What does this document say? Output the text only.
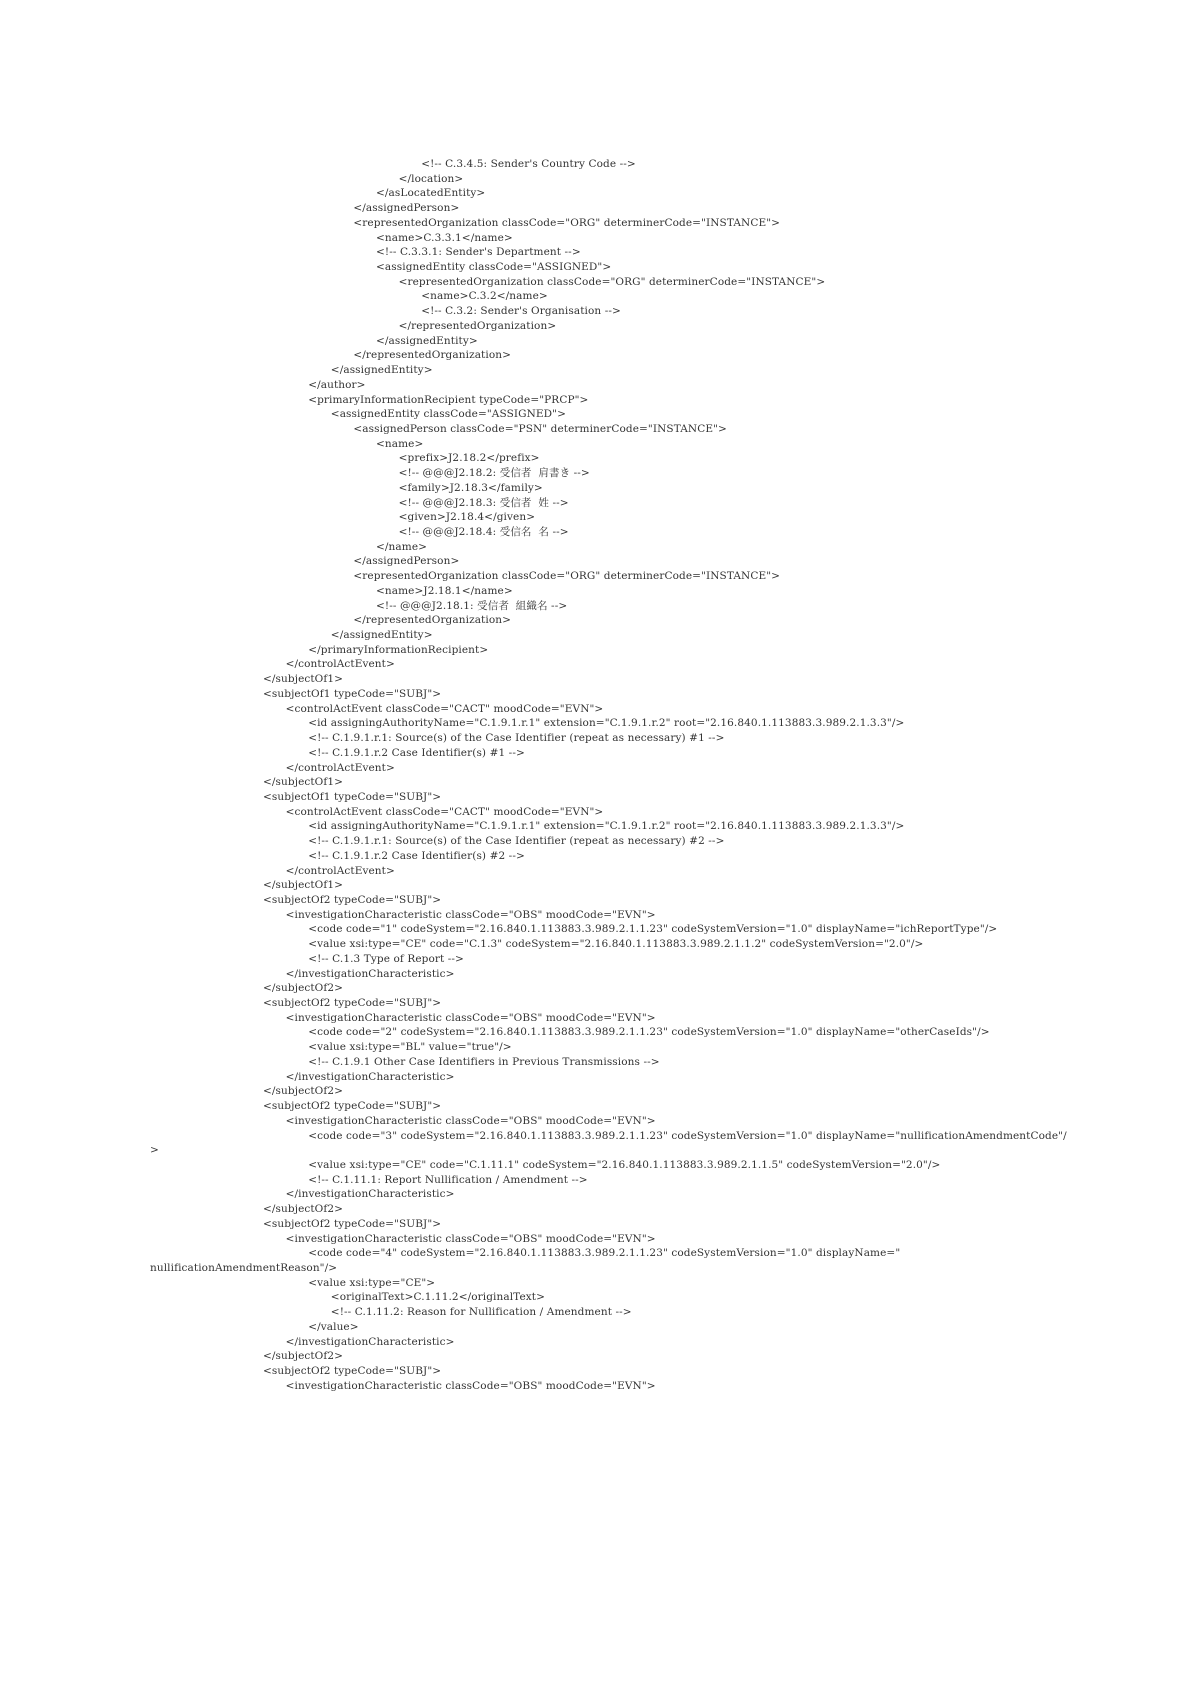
<!-- C.3.4.5: Sender's Country Code -->
</location>
</asLocatedEntity>
</assignedPerson>
<representedOrganization classCode="ORG" determinerCode="INSTANCE">
<name>C.3.3.1</name>
<!-- C.3.3.1: Sender's Department -->
<assignedEntity classCode="ASSIGNED">
<representedOrganization classCode="ORG" determinerCode="INSTANCE">
<name>C.3.2</name>
<!-- C.3.2: Sender's Organisation -->
</representedOrganization>
</assignedEntity>
</representedOrganization>
</assignedEntity>
</author>
<primaryInformationRecipient typeCode="PRCP">
<assignedEntity classCode="ASSIGNED">
<assignedPerson classCode="PSN" determinerCode="INSTANCE">
<name>
<prefix>J2.18.2</prefix>
<!-- @@@J2.18.2: 受信者  肩書き -->
<family>J2.18.3</family>
<!-- @@@J2.18.3: 受信者  姓 -->
<given>J2.18.4</given>
<!-- @@@J2.18.4: 受信名  名 -->
</name>
</assignedPerson>
<representedOrganization classCode="ORG" determinerCode="INSTANCE">
<name>J2.18.1</name>
<!-- @@@J2.18.1: 受信者  組織名 -->
</representedOrganization>
</assignedEntity>
</primaryInformationRecipient>
</controlActEvent>
</subjectOf1>
<subjectOf1 typeCode="SUBJ">
<controlActEvent classCode="CACT" moodCode="EVN">
<id assigningAuthorityName="C.1.9.1.r.1" extension="C.1.9.1.r.2" root="2.16.840.1.113883.3.989.2.1.3.3"/>
<!-- C.1.9.1.r.1: Source(s) of the Case Identifier (repeat as necessary) #1 -->
<!-- C.1.9.1.r.2 Case Identifier(s) #1 -->
</controlActEvent>
</subjectOf1>
<subjectOf1 typeCode="SUBJ">
<controlActEvent classCode="CACT" moodCode="EVN">
<id assigningAuthorityName="C.1.9.1.r.1" extension="C.1.9.1.r.2" root="2.16.840.1.113883.3.989.2.1.3.3"/>
<!-- C.1.9.1.r.1: Source(s) of the Case Identifier (repeat as necessary) #2 -->
<!-- C.1.9.1.r.2 Case Identifier(s) #2 -->
</controlActEvent>
</subjectOf1>
<subjectOf2 typeCode="SUBJ">
<investigationCharacteristic classCode="OBS" moodCode="EVN">
<code code="1" codeSystem="2.16.840.1.113883.3.989.2.1.1.23" codeSystemVersion="1.0" displayName="ichReportType"/>
<value xsi:type="CE" code="C.1.3" codeSystem="2.16.840.1.113883.3.989.2.1.1.2" codeSystemVersion="2.0"/>
<!-- C.1.3 Type of Report -->
</investigationCharacteristic>
</subjectOf2>
<subjectOf2 typeCode="SUBJ">
<investigationCharacteristic classCode="OBS" moodCode="EVN">
<code code="2" codeSystem="2.16.840.1.113883.3.989.2.1.1.23" codeSystemVersion="1.0" displayName="otherCaseIds"/>
<value xsi:type="BL" value="true"/>
<!-- C.1.9.1 Other Case Identifiers in Previous Transmissions -->
</investigationCharacteristic>
</subjectOf2>
<subjectOf2 typeCode="SUBJ">
<investigationCharacteristic classCode="OBS" moodCode="EVN">
<code code="3" codeSystem="2.16.840.1.113883.3.989.2.1.1.23" codeSystemVersion="1.0" displayName="nullificationAmendmentCode"/
>
<value xsi:type="CE" code="C.1.11.1" codeSystem="2.16.840.1.113883.3.989.2.1.1.5" codeSystemVersion="2.0"/>
<!-- C.1.11.1: Report Nullification / Amendment -->
</investigationCharacteristic>
</subjectOf2>
<subjectOf2 typeCode="SUBJ">
<investigationCharacteristic classCode="OBS" moodCode="EVN">
<code code="4" codeSystem="2.16.840.1.113883.3.989.2.1.1.23" codeSystemVersion="1.0" displayName="
nullificationAmendmentReason"/>
<value xsi:type="CE">
<originalText>C.1.11.2</originalText>
<!-- C.1.11.2: Reason for Nullification / Amendment -->
</value>
</investigationCharacteristic>
</subjectOf2>
<subjectOf2 typeCode="SUBJ">
<investigationCharacteristic classCode="OBS" moodCode="EVN">
